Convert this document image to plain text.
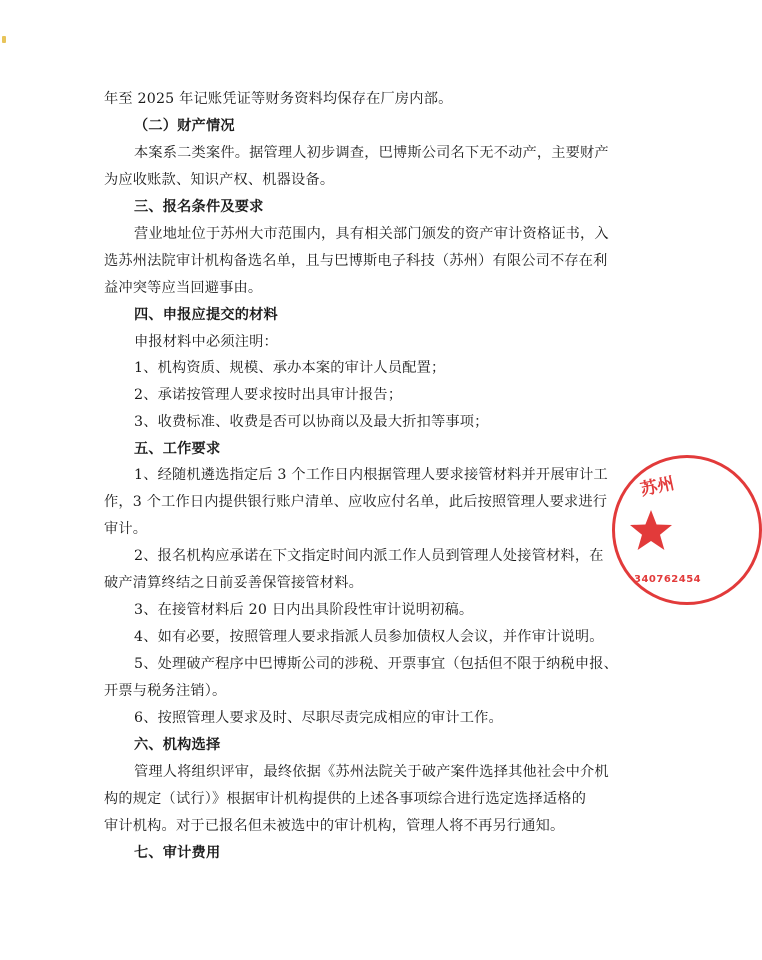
年至 2025 年记账凭证等财务资料均保存在厂房内部。
（二）财产情况
本案系二类案件。据管理人初步调查，巴博斯公司名下无不动产，主要财产
为应收账款、知识产权、机器设备。
三、报名条件及要求
营业地址位于苏州大市范围内，具有相关部门颁发的资产审计资格证书，入
选苏州法院审计机构备选名单，且与巴博斯电子科技（苏州）有限公司不存在利
益冲突等应当回避事由。
四、申报应提交的材料
申报材料中必须注明：
1、机构资质、规模、承办本案的审计人员配置；
2、承诺按管理人要求按时出具审计报告；
3、收费标准、收费是否可以协商以及最大折扣等事项；
五、工作要求
1、经随机遴选指定后 3 个工作日内根据管理人要求接管材料并开展审计工
作，3 个工作日内提供银行账户清单、应收应付名单，此后按照管理人要求进行
审计。
2、报名机构应承诺在下文指定时间内派工作人员到管理人处接管材料，在
破产清算终结之日前妥善保管接管材料。
3、在接管材料后 20 日内出具阶段性审计说明初稿。
4、如有必要，按照管理人要求指派人员参加债权人会议，并作审计说明。
5、处理破产程序中巴博斯公司的涉税、开票事宜（包括但不限于纳税申报、
开票与税务注销）。
6、按照管理人要求及时、尽职尽责完成相应的审计工作。
六、机构选择
管理人将组织评审，最终依据《苏州法院关于破产案件选择其他社会中介机
构的规定（试行）》根据审计机构提供的上述各事项综合进行选定选择适格的
审计机构。对于已报名但未被选中的审计机构，管理人将不再另行通知。
七、审计费用
苏州
340762454
